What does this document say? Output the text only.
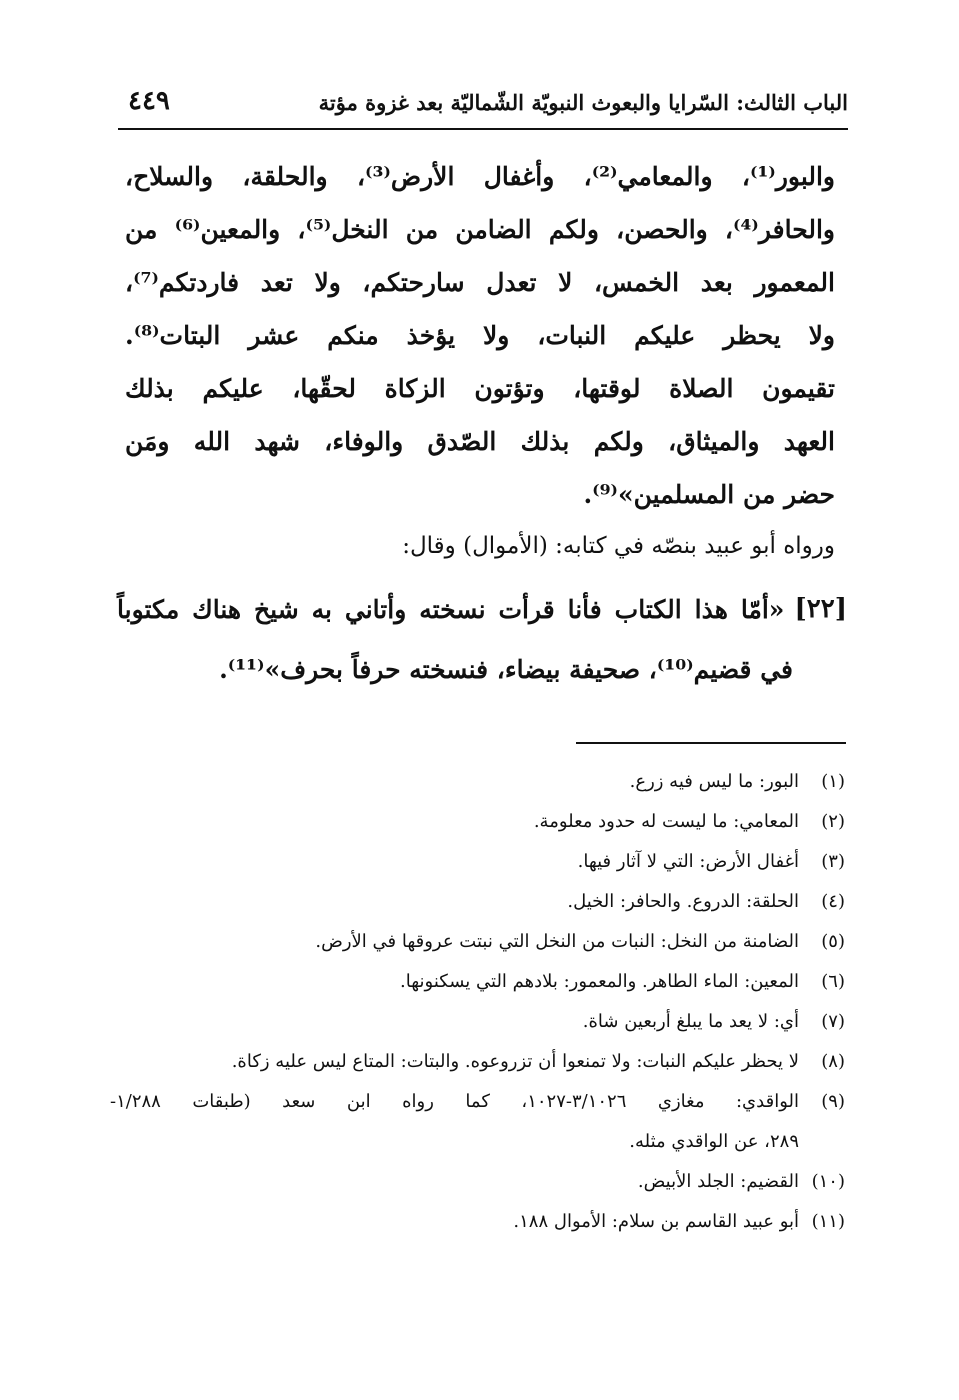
الباب الثالث: السّرايا والبعوث النبويّة الشّماليّة بعد غزوة مؤتة
٤٤٩
والبور⁽¹⁾، والمعامي⁽²⁾، وأغفال الأرض⁽³⁾، والحلقة، والسلاح،
والحافر⁽⁴⁾، والحصن، ولكم الضامن من النخل⁽⁵⁾، والمعين⁽⁶⁾ من
المعمور بعد الخمس، لا تعدل سارحتكم، ولا تعد فاردتكم⁽⁷⁾،
ولا يحظر عليكم النبات، ولا يؤخذ منكم عشر البتات⁽⁸⁾.
تقيمون الصلاة لوقتها، وتؤتون الزكاة لحقّها، عليكم بذلك
العهد والميثاق، ولكم بذلك الصّدق والوفاء، شهد الله ومَن
حضر من المسلمين»⁽⁹⁾.
ورواه أبو عبيد بنصّه في كتابه: (الأموال) وقال:
[٢٢]
«أمّا هذا الكتاب فأنا قرأت نسخته وأتاني به شيخ هناك مكتوباً
في قضيم⁽¹⁰⁾، صحيفة بيضاء، فنسخته حرفاً بحرف»⁽¹¹⁾.
(١)
البور: ما ليس فيه زرع.
(٢)
المعامي: ما ليست له حدود معلومة.
(٣)
أغفال الأرض: التي لا آثار فيها.
(٤)
الحلقة: الدروع. والحافر: الخيل.
(٥)
الضامنة من النخل: النبات من النخل التي نبتت عروقها في الأرض.
(٦)
المعين: الماء الطاهر. والمعمور: بلادهم التي يسكنونها.
(٧)
أي: لا يعد ما يبلغ أربعين شاة.
(٨)
لا يحظر عليكم النبات: ولا تمنعوا أن تزروعوه. والبتات: المتاع ليس عليه زكاة.
(٩)
الواقدي: مغازي ٣/١٠٢٦-١٠٢٧، كما رواه ابن سعد (طبقات ١/٢٨٨-
٢٨٩، عن الواقدي مثله.
(١٠)
القضيم: الجلد الأبيض.
(١١)
أبو عبيد القاسم بن سلام: الأموال ١٨٨.
